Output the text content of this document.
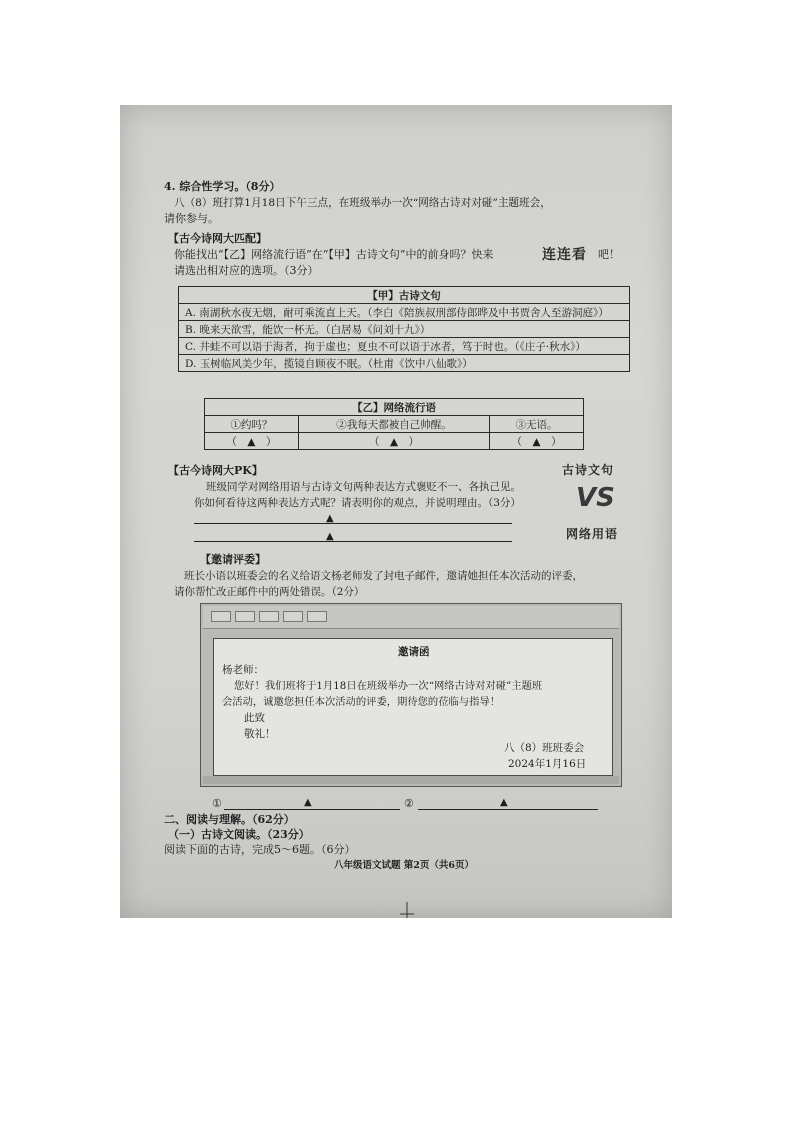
4. 综合性学习。（8分）
八（8）班打算1月18日下午三点，在班级举办一次“网络古诗对对碰”主题班会，
请你参与。
【古今诗网大匹配】
你能找出“【乙】网络流行语”在“【甲】古诗文句”中的前身吗？快来	连连看 吧！
请选出相对应的选项。（3分）
【甲】古诗文句
A. 南湖秋水夜无烟，耐可乘流直上天。（李白《陪族叔刑部侍郎晔及中书贾舍人至游洞庭》）
B. 晚来天欲雪，能饮一杯无。（白居易《问刘十九》）
C. 井蛙不可以语于海者，拘于虚也；夏虫不可以语于冰者，笃于时也。（《庄子·秋水》）
D. 玉树临风美少年，揽镜自顾夜不眠。（杜甫《饮中八仙歌》）
【乙】网络流行语		
①约吗？	②我每天都被自己帅醒。	③无语。
（　▲　）	（　▲　）	（　▲　）
【古今诗网大PK】
班级同学对网络用语与古诗文句两种表达方式褒贬不一、各执己见。
你如何看待这两种表达方式呢？请表明你的观点，并说明理由。（3分）
▲
▲
古诗文句
VS
网络用语
【邀请评委】
班长小语以班委会的名义给语文杨老师发了封电子邮件，邀请她担任本次活动的评委，
请你帮忙改正邮件中的两处错误。（2分）
邀请函
杨老师：
您好！我们班将于1月18日在班级举办一次“网络古诗对对碰”主题班
会活动，诚邀您担任本次活动的评委，期待您的莅临与指导！
此致
敬礼！
八（8）班班委会
2024年1月16日
①	▲	②	▲
二、阅读与理解。（62分）
（一）古诗文阅读。（23分）
阅读下面的古诗，完成5～6题。（6分）
八年级语文试题 第2页（共6页）
